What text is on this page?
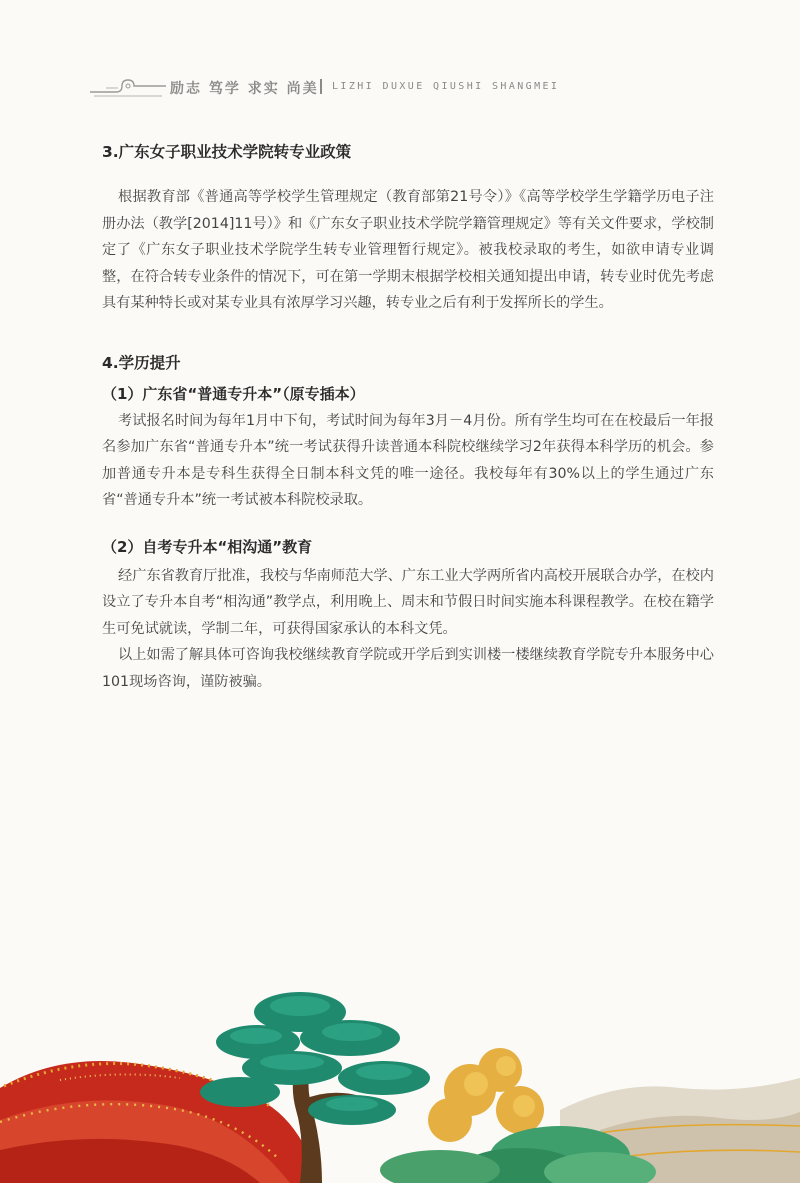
励志 笃学 求实 尚美 LIZHI DUXUE QIUSHI SHANGMEI
3.广东女子职业技术学院转专业政策

根据教育部《普通高等学校学生管理规定（教育部第21号令）》《高等学校学生学籍学历电子注册办法（教学[2014]11号）》和《广东女子职业技术学院学籍管理规定》等有关文件要求，学校制定了《广东女子职业技术学院学生转专业管理暂行规定》。被我校录取的考生，如欲申请专业调整，在符合转专业条件的情况下，可在第一学期末根据学校相关通知提出申请，转专业时优先考虑具有某种特长或对某专业具有浓厚学习兴趣，转专业之后有利于发挥所长的学生。

4.学历提升
（1）广东省“普通专升本”（原专插本）

考试报名时间为每年1月中下旬，考试时间为每年3月－4月份。所有学生均可在在校最后一年报名参加广东省“普通专升本”统一考试获得升读普通本科院校继续学习2年获得本科学历的机会。参加普通专升本是专科生获得全日制本科文凭的唯一途径。我校每年有30%以上的学生通过广东省“普通专升本”统一考试被本科院校录取。

（2）自考专升本“相沟通”教育

经广东省教育厅批准，我校与华南师范大学、广东工业大学两所省内高校开展联合办学，在校内设立了专升本自考“相沟通”教学点，利用晚上、周末和节假日时间实施本科课程教学。在校在籍学生可免试就读，学制二年，可获得国家承认的本科文凭。

以上如需了解具体可咨询我校继续教育学院或开学后到实训楼一楼继续教育学院专升本服务中心101现场咨询，谨防被骗。
